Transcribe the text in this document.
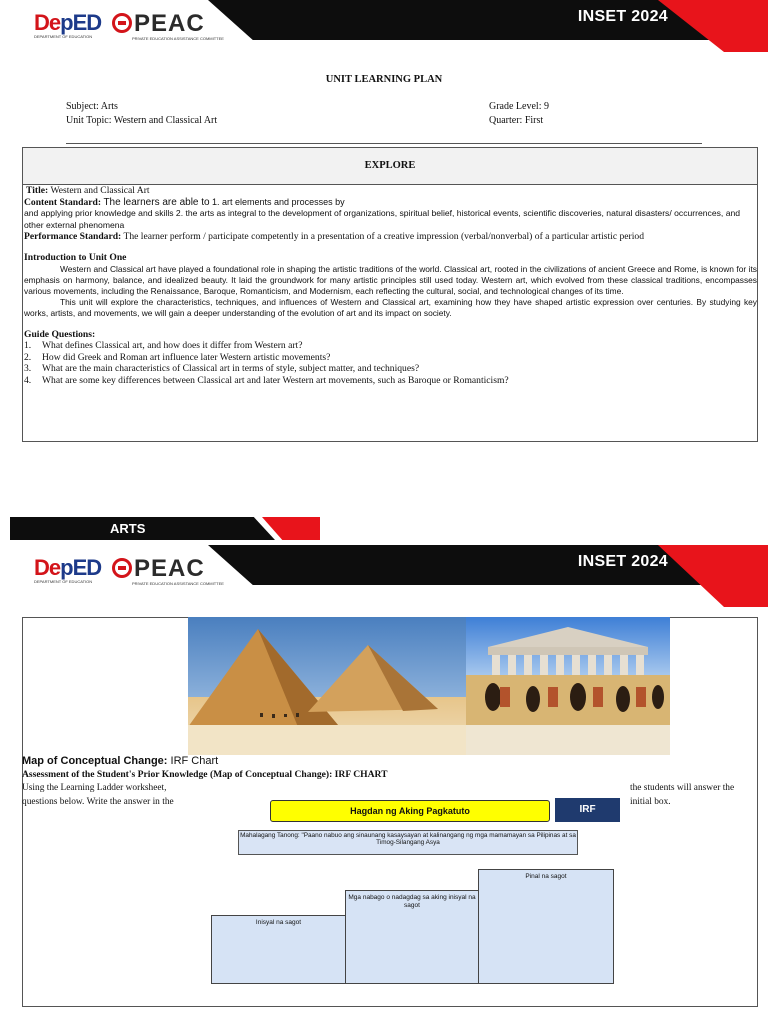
INSET 2024
DepED
DEPARTMENT OF EDUCATION	PEAC
PRIVATE EDUCATION ASSISTANCE COMMITTEE
UNIT LEARNING PLAN
Subject: Arts
Unit Topic: Western and Classical Art
Grade Level: 9
Quarter: First
EXPLORE

Title: Western and Classical Art

Content Standard: The learners are able to 1. art elements and processes by

and applying prior knowledge and skills 2. the arts as integral to the development of organizations, spiritual belief, historical events, scientific discoveries, natural disasters/ occurrences, and other external phenomena

Performance Standard: The learner perform / participate competently in a presentation of a creative impression (verbal/nonverbal) of a particular artistic period

Introduction to Unit One

Western and Classical art have played a foundational role in shaping the artistic traditions of the world. Classical art, rooted in the civilizations of ancient Greece and Rome, is known for its emphasis on harmony, balance, and idealized beauty. It laid the groundwork for many artistic principles still used today. Western art, which evolved from these classical traditions, encompasses various movements, including the Renaissance, Baroque, Romanticism, and Modernism, each reflecting the cultural, social, and technological changes of its time.

This unit will explore the characteristics, techniques, and influences of Western and Classical art, examining how they have shaped artistic expression over centuries. By studying key works, artists, and movements, we will gain a deeper understanding of the evolution of art and its impact on society.

Guide Questions:

1. What defines Classical art, and how does it differ from Western art?
2. How did Greek and Roman art influence later Western artistic movements?
3. What are the main characteristics of Classical art in terms of style, subject matter, and techniques?
4. What are some key differences between Classical art and later Western art movements, such as Baroque or Romanticism?
ARTS
INSET 2024
DepED
DEPARTMENT OF EDUCATION	PEAC
PRIVATE EDUCATION ASSISTANCE COMMITTEE
Map of Conceptual Change: IRF Chart
Assessment of the Student's Prior Knowledge (Map of Conceptual Change): IRF CHART
Using the Learning Ladder worksheet,
questions below. Write the answer in the
the students will answer the
initial box.
Hagdan ng Aking Pagkatuto	IRF
Mahalagang Tanong: "Paano nabuo ang sinaunang kasaysayan at kalinangang ng mga mamamayan sa Pilipinas at sa Timog-Silangang Asya
Inisyal na sagot
Mga nabago o nadagdag sa aking inisyal na sagot
Pinal na sagot
